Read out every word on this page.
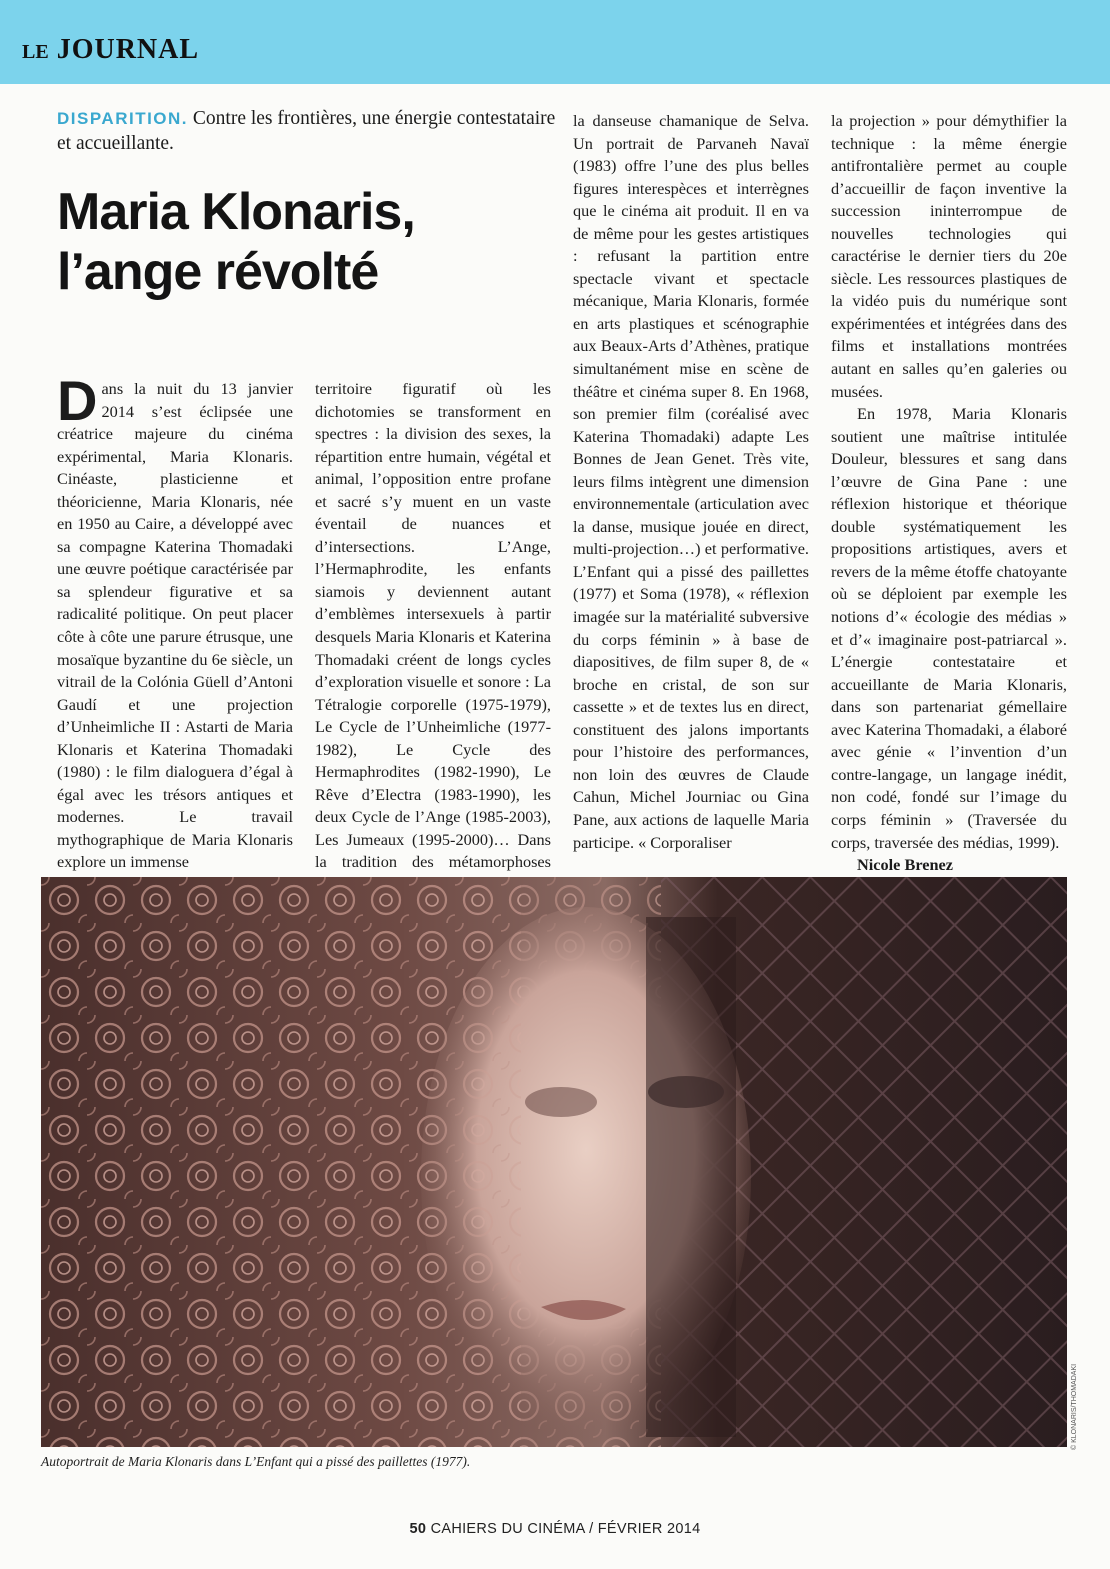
LE JOURNAL
DISPARITION. Contre les frontières, une énergie contestataire et accueillante.
Maria Klonaris,
l’ange révolté

Dans la nuit du 13 janvier 2014 s’est éclipsée une créatrice majeure du cinéma expérimental, Maria Klonaris. Cinéaste, plasticienne et théoricienne, Maria Klonaris, née en 1950 au Caire, a développé avec sa compagne Katerina Thomadaki une œuvre poétique caractérisée par sa splendeur figurative et sa radicalité politique. On peut placer côte à côte une parure étrusque, une mosaïque byzantine du 6e siècle, un vitrail de la Colónia Güell d’Antoni Gaudí et une projection d’Unheimliche II : Astarti de Maria Klonaris et Katerina Thomadaki (1980) : le film dialoguera d’égal à égal avec les trésors antiques et modernes. Le travail mythographique de Maria Klonaris explore un immense

territoire figuratif où les dichotomies se transforment en spectres : la division des sexes, la répartition entre humain, végétal et animal, l’opposition entre profane et sacré s’y muent en un vaste éventail de nuances et d’intersections. L’Ange, l’Hermaphrodite, les enfants siamois y deviennent autant d’emblèmes intersexuels à partir desquels Maria Klonaris et Katerina Thomadaki créent de longs cycles d’exploration visuelle et sonore : La Tétralogie corporelle (1975-1979), Le Cycle de l’Unheimliche (1977-1982), Le Cycle des Hermaphrodites (1982-1990), Le Rêve d’Electra (1983-1990), les deux Cycle de l’Ange (1985-2003), Les Jumeaux (1995-2000)… Dans la tradition des métamorphoses

la danseuse chamanique de Selva. Un portrait de Parvaneh Navaï (1983) offre l’une des plus belles figures interespèces et interrègnes que le cinéma ait produit. Il en va de même pour les gestes artistiques : refusant la partition entre spectacle vivant et spectacle mécanique, Maria Klonaris, formée en arts plastiques et scénographie aux Beaux-Arts d’Athènes, pratique simultanément mise en scène de théâtre et cinéma super 8. En 1968, son premier film (coréalisé avec Katerina Thomadaki) adapte Les Bonnes de Jean Genet. Très vite, leurs films intègrent une dimension environnementale (articulation avec la danse, musique jouée en direct, multi-projection…) et performative. L’Enfant qui a pissé des paillettes (1977) et Soma (1978), « réflexion imagée sur la matérialité subversive du corps féminin » à base de diapositives, de film super 8, de « broche en cristal, de son sur cassette » et de textes lus en direct, constituent des jalons importants pour l’histoire des performances, non loin des œuvres de Claude Cahun, Michel Journiac ou Gina Pane, aux actions de laquelle Maria participe. « Corporaliser

la projection » pour démythifier la technique : la même énergie antifrontalière permet au couple d’accueillir de façon inventive la succession ininterrompue de nouvelles technologies qui caractérise le dernier tiers du 20e siècle. Les ressources plastiques de la vidéo puis du numérique sont expérimentées et intégrées dans des films et installations montrées autant en salles qu’en galeries ou musées.

En 1978, Maria Klonaris soutient une maîtrise intitulée Douleur, blessures et sang dans l’œuvre de Gina Pane : une réflexion historique et théorique double systématiquement les propositions artistiques, avers et revers de la même étoffe chatoyante où se déploient par exemple les notions d’« écologie des médias » et d’« imaginaire post-patriarcal ». L’énergie contestataire et accueillante de Maria Klonaris, dans son partenariat gémellaire avec Katerina Thomadaki, a élaboré avec génie « l’invention d’un contre-langage, un langage inédit, non codé, fondé sur l’image du corps féminin » (Traversée du corps, traversée des médias, 1999).

Nicole Brenez

© KLONARIS/THOMADAKI
Autoportrait de Maria Klonaris dans L’Enfant qui a pissé des paillettes (1977).
50 CAHIERS DU CINÉMA / FÉVRIER 2014
